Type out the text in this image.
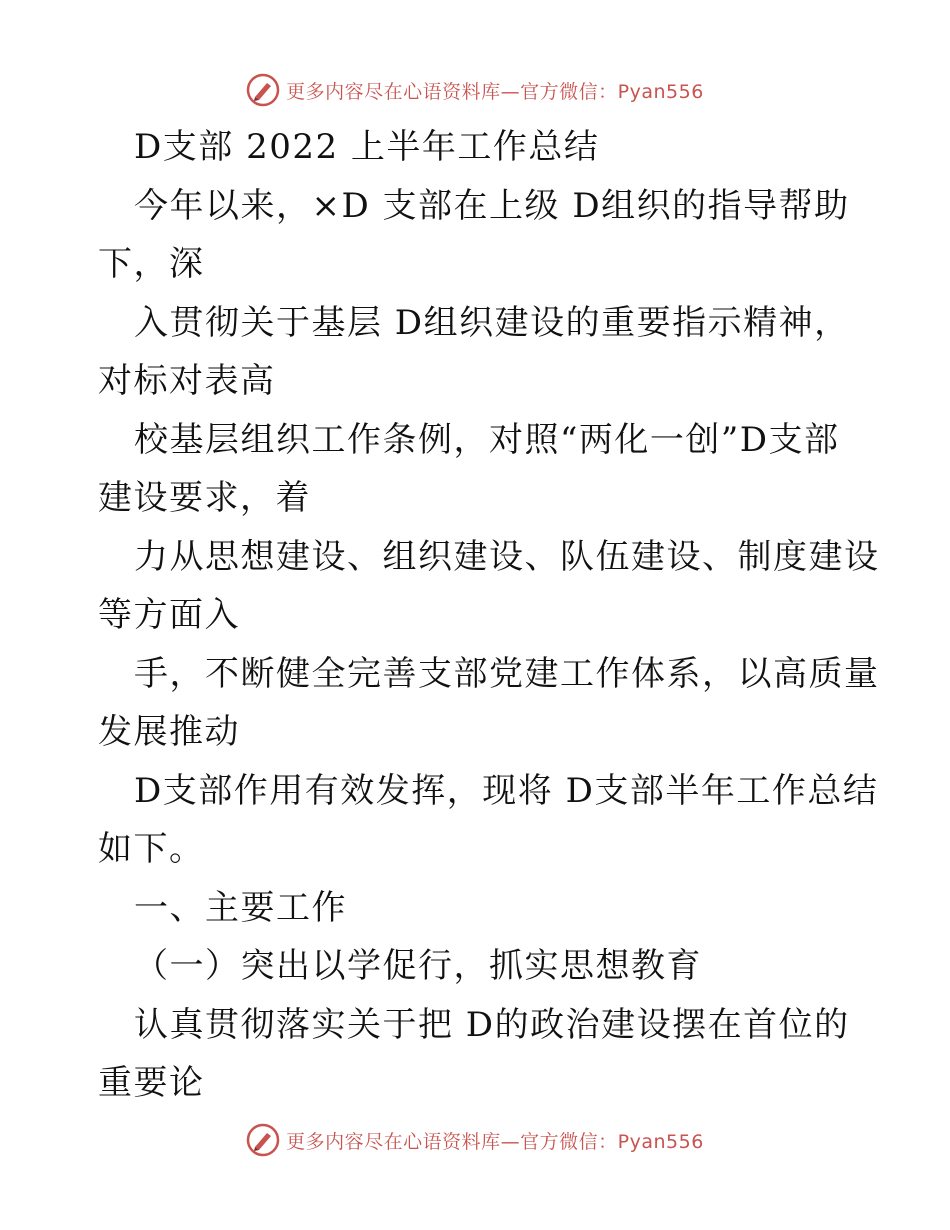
更多内容尽在心语资料库—官方微信：Pyan556
D支部 2022 上半年工作总结
今年以来，×D 支部在上级 D组织的指导帮助
下，深
入贯彻关于基层 D组织建设的重要指示精神，
对标对表高
校基层组织工作条例，对照“两化一创”D支部
建设要求，着
力从思想建设、组织建设、队伍建设、制度建设
等方面入
手，不断健全完善支部党建工作体系，以高质量
发展推动
D支部作用有效发挥，现将 D支部半年工作总结
如下。
一、主要工作
（一）突出以学促行，抓实思想教育
认真贯彻落实关于把 D的政治建设摆在首位的
重要论
更多内容尽在心语资料库—官方微信：Pyan556
